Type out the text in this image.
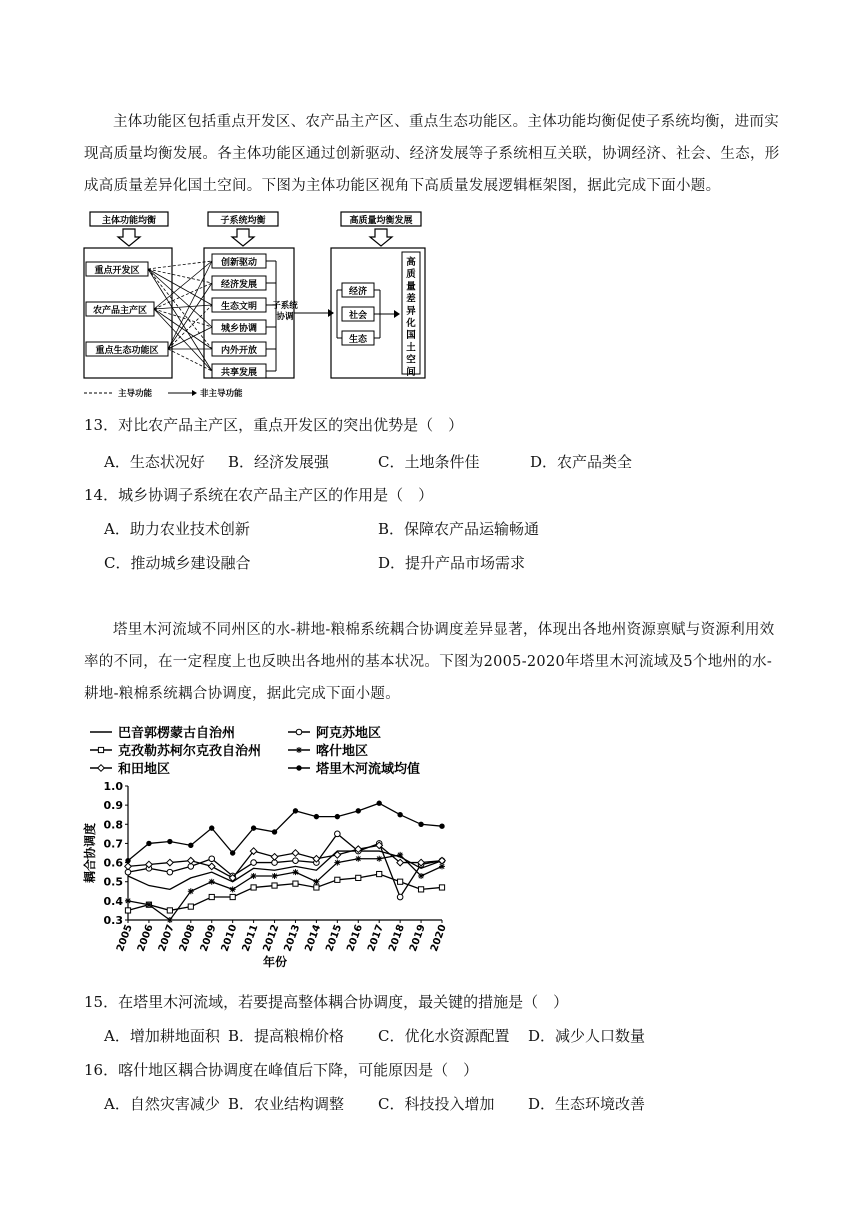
主体功能区包括重点开发区、农产品主产区、重点生态功能区。主体功能均衡促使子系统均衡，进而实现高质量均衡发展。各主体功能区通过创新驱动、经济发展等子系统相互关联，协调经济、社会、生态，形成高质量差异化国土空间。下图为主体功能区视角下高质量发展逻辑框架图，据此完成下面小题。
主体功能均衡	子系统均衡	高质量均衡发展
重点开发区
农产品主产区
重点生态功能区
创新驱动
经济发展
生态文明
城乡协调
内外开放
共享发展
子系统
协调
经济
社会
生态
高质量差异化国土空间
主导功能	非主导功能
13．对比农产品主产区，重点开发区的突出优势是（　）
A．生态状况好 B．经济发展强	C．土地条件佳	D．农产品类全
14．城乡协调子系统在农产品主产区的作用是（　）
A．助力农业技术创新	B．保障农产品运输畅通
C．推动城乡建设融合	D．提升产品市场需求
塔里木河流域不同州区的水-耕地-粮棉系统耦合协调度差异显著，体现出各地州资源禀赋与资源利用效率的不同，在一定程度上也反映出各地州的基本状况。下图为2005-2020年塔里木河流域及5个地州的水-耕地-粮棉系统耦合协调度，据此完成下面小题。
巴音郭楞蒙古自治州	阿克苏地区
克孜勒苏柯尔克孜自治州	喀什地区
和田地区	塔里木河流域均值
0.3
0.4
0.5
0.6
0.7
0.8
0.9
1.0
2005 2006 2007 2008 2009 2010 2011 2012 2013 2014 2015 2016 2017 2018 2019 2020
耦合协调度
年份
15．在塔里木河流域，若要提高整体耦合协调度，最关键的措施是（　）
A．增加耕地面积 B．提高粮棉价格 C．优化水资源配置 D．减少人口数量
16．喀什地区耦合协调度在峰值后下降，可能原因是（　）
A．自然灾害减少 B．农业结构调整 C．科技投入增加 D．生态环境改善
